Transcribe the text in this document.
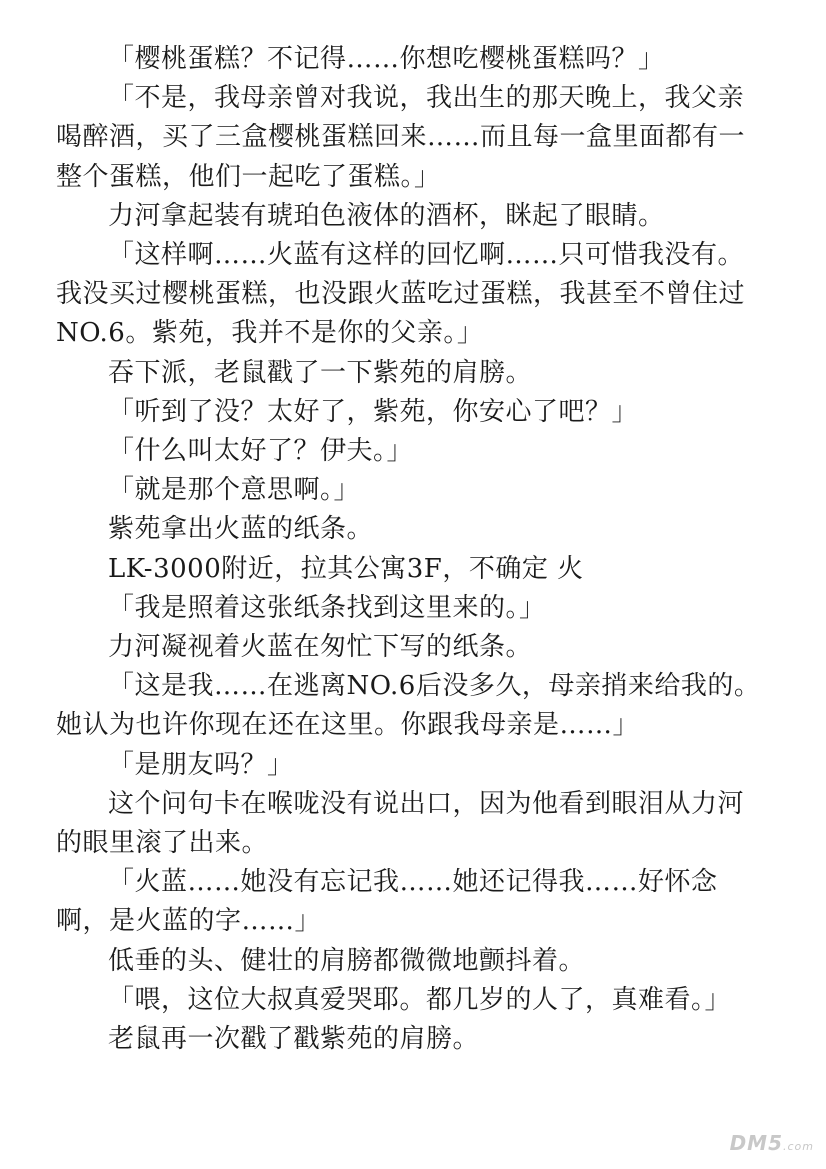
「樱桃蛋糕？不记得……你想吃樱桃蛋糕吗？」

「不是，我母亲曾对我说，我出生的那天晚上，我父亲喝醉酒，买了三盒樱桃蛋糕回来……而且每一盒里面都有一整个蛋糕，他们一起吃了蛋糕。」

力河拿起装有琥珀色液体的酒杯，眯起了眼睛。

「这样啊……火蓝有这样的回忆啊……只可惜我没有。我没买过樱桃蛋糕，也没跟火蓝吃过蛋糕，我甚至不曾住过NO.6。紫苑，我并不是你的父亲。」

吞下派，老鼠戳了一下紫苑的肩膀。

「听到了没？太好了，紫苑，你安心了吧？」

「什么叫太好了？伊夫。」

「就是那个意思啊。」

紫苑拿出火蓝的纸条。

LK-3000附近，拉其公寓3F，不确定 火

「我是照着这张纸条找到这里来的。」

力河凝视着火蓝在匆忙下写的纸条。

「这是我……在逃离NO.6后没多久，母亲捎来给我的。她认为也许你现在还在这里。你跟我母亲是……」

「是朋友吗？」

这个问句卡在喉咙没有说出口，因为他看到眼泪从力河的眼里滚了出来。

「火蓝……她没有忘记我……她还记得我……好怀念啊，是火蓝的字……」

低垂的头、健壮的肩膀都微微地颤抖着。

「喂，这位大叔真爱哭耶。都几岁的人了，真难看。」

老鼠再一次戳了戳紫苑的肩膀。

DM5.com
